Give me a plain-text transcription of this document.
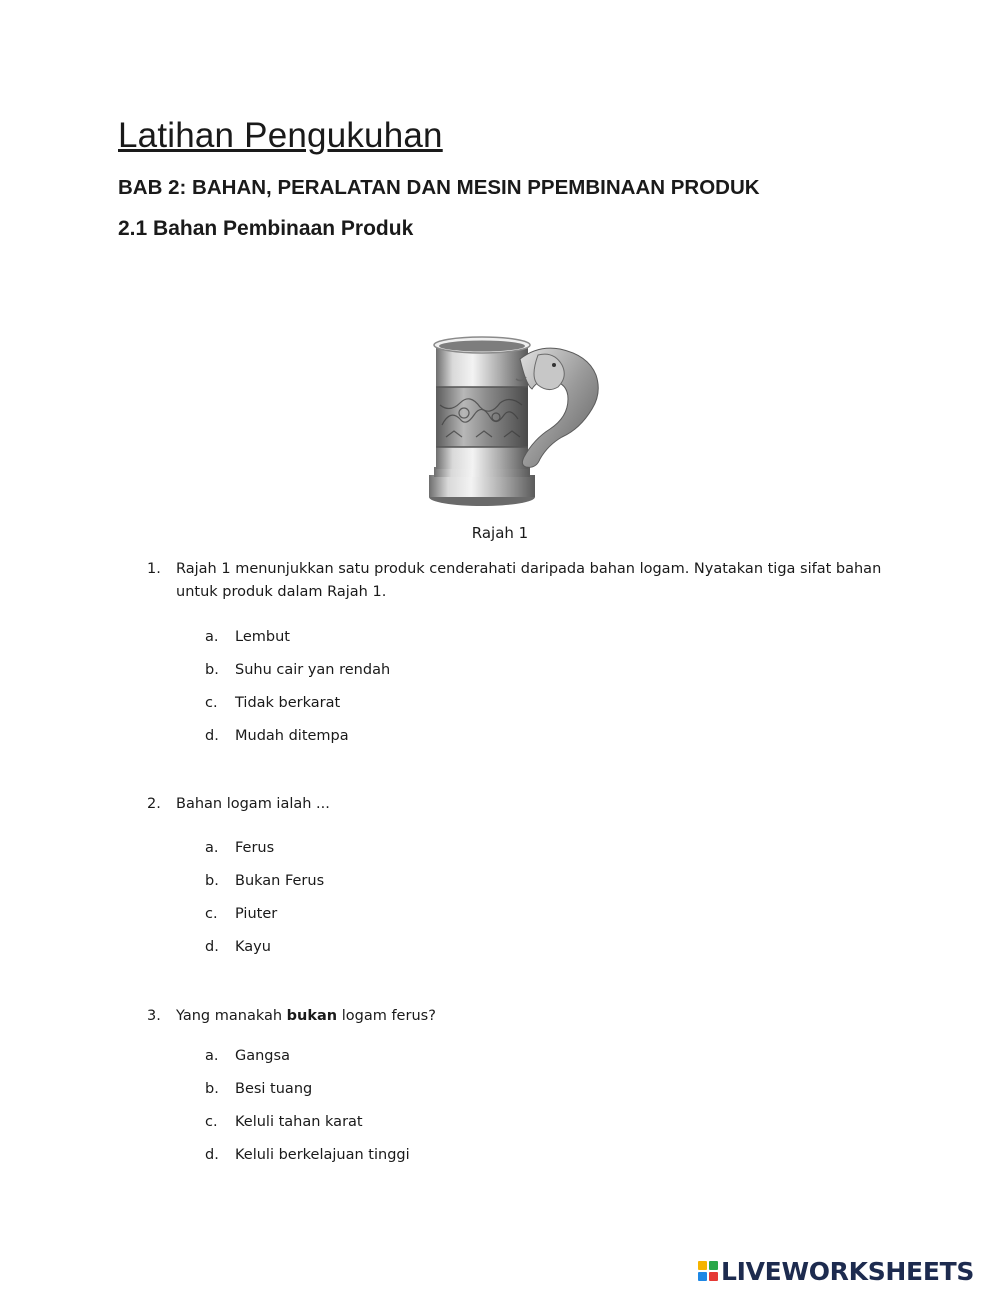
Latihan Pengukuhan
BAB 2: BAHAN, PERALATAN DAN MESIN PPEMBINAAN PRODUK
2.1 Bahan Pembinaan Produk
Rajah 1
1. Rajah 1 menunjukkan satu produk cenderahati daripada bahan logam. Nyatakan tiga sifat bahan untuk produk dalam Rajah 1.
a. Lembut
b. Suhu cair yan rendah
c. Tidak berkarat
d. Mudah ditempa
2. Bahan logam ialah ...
a. Ferus
b. Bukan Ferus
c. Piuter
d. Kayu
3. Yang manakah bukan logam ferus?
a. Gangsa
b. Besi tuang
c. Keluli tahan karat
d. Keluli berkelajuan tinggi
LIVEWORKSHEETS
